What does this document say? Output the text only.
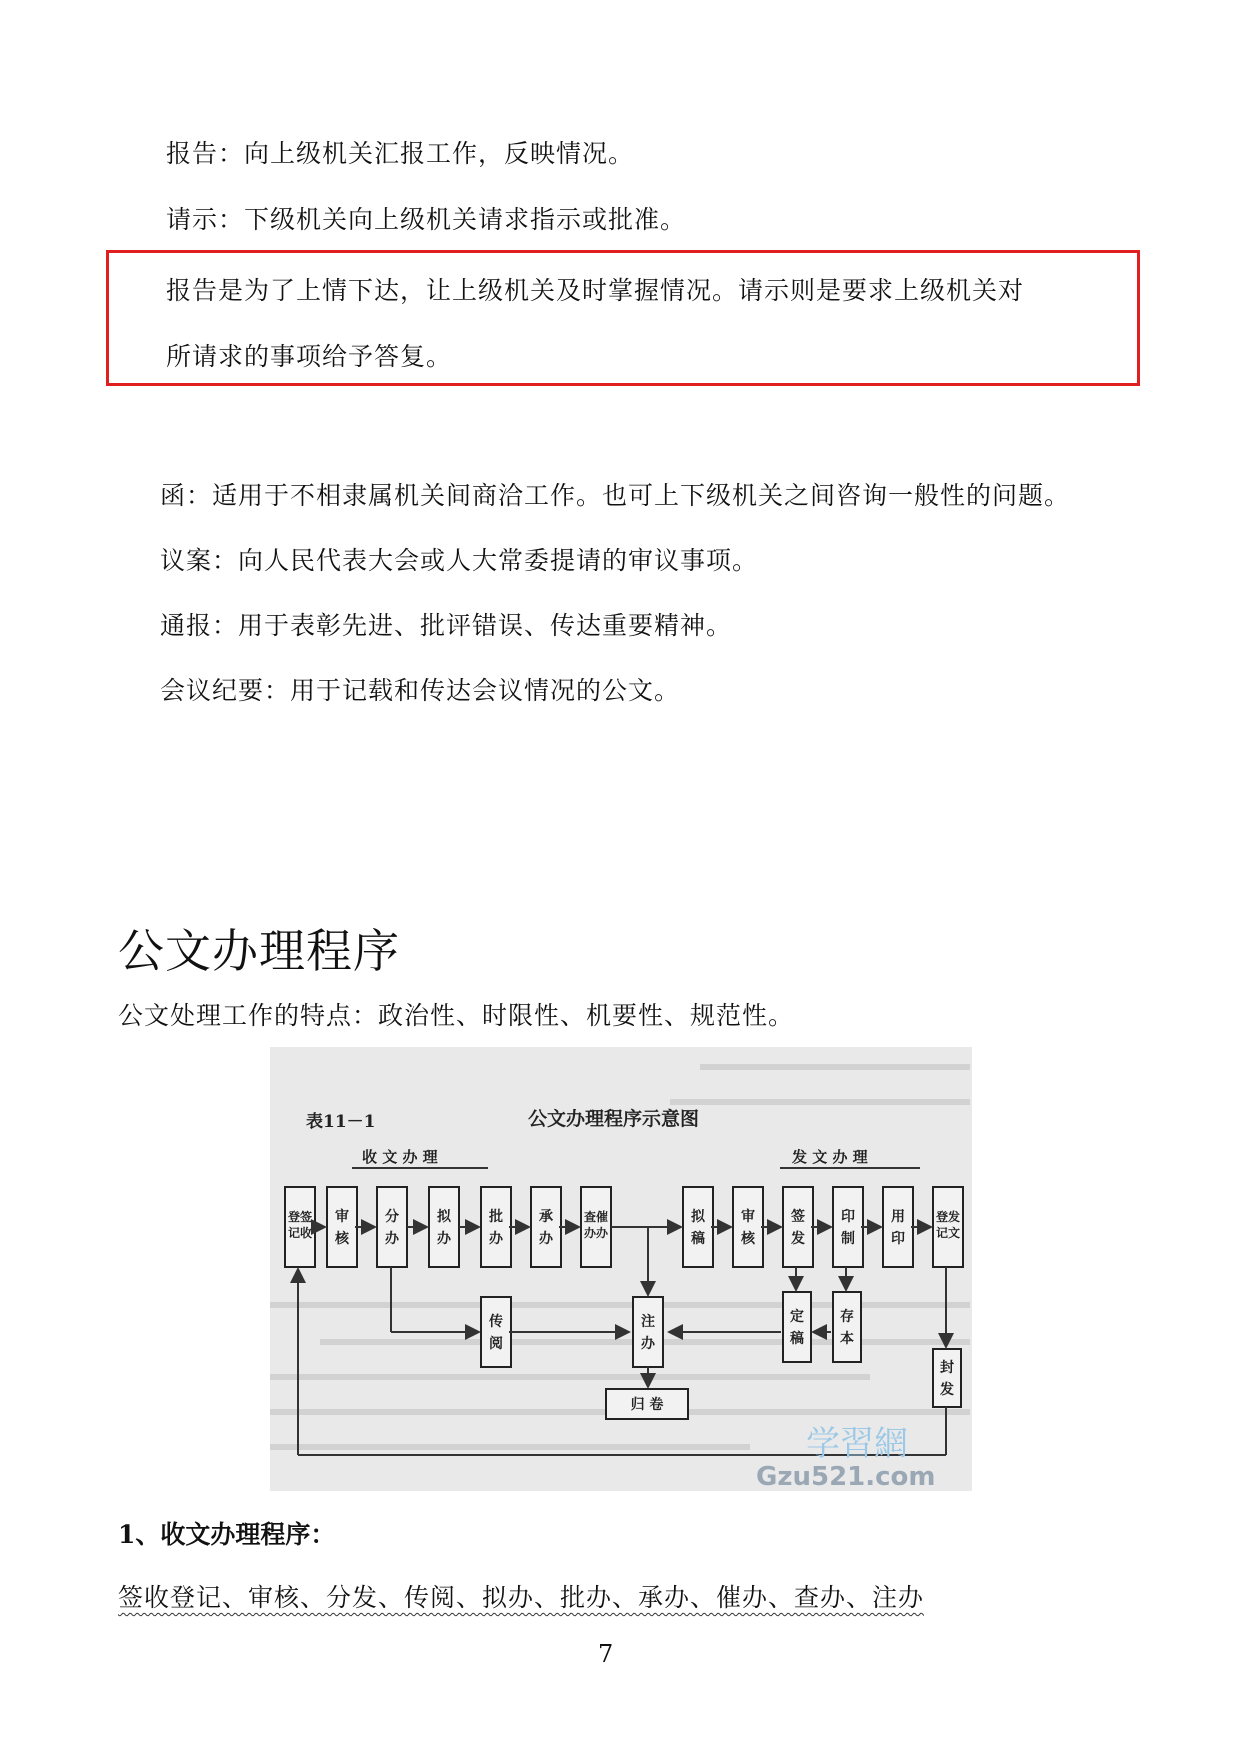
报告：向上级机关汇报工作，反映情况。
请示：下级机关向上级机关请求指示或批准。
报告是为了上情下达，让上级机关及时掌握情况。请示则是要求上级机关对
所请求的事项给予答复。
函：适用于不相隶属机关间商洽工作。也可上下级机关之间咨询一般性的问题。
议案：向人民代表大会或人大常委提请的审议事项。
通报：用于表彰先进、批评错误、传达重要精神。
会议纪要：用于记载和传达会议情况的公文。
公文办理程序
公文处理工作的特点：政治性、时限性、机要性、规范性。
表11－1	公文办理程序示意图
收 文 办 理	发 文 办 理
签
收
登
记
审
核
分
办
拟
办
批
办
承
办
催
办
查
办
拟
稿
审
核
签
发
印
制
用
印
发
文
登
记
传
阅
注
办
定
稿
存
本
封
发
归 卷
学習網
Gzu521.com
1、收文办理程序：
签收登记、审核、分发、传阅、拟办、批办、承办、催办、查办、注办
7
